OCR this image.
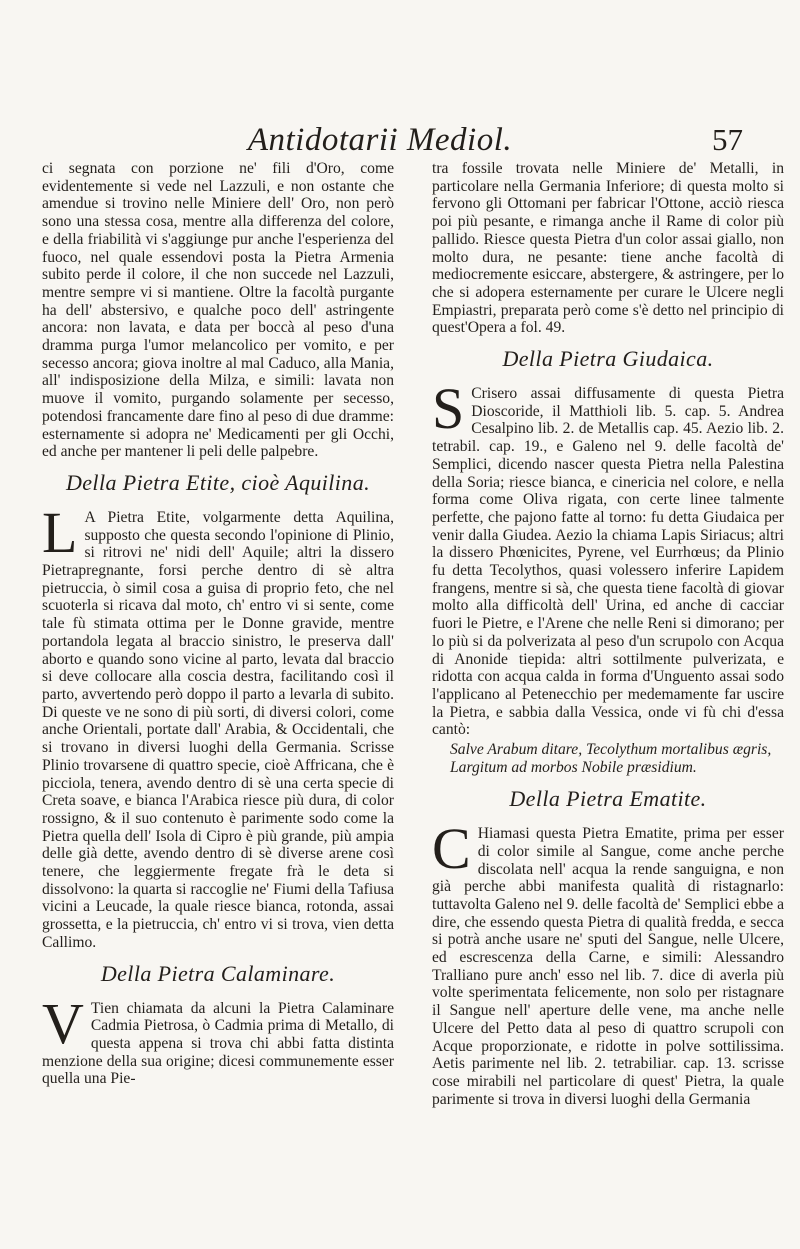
Antidotarii Mediol.	57

ci segnata con porzione ne' fili d'Oro, come evidentemente si vede nel Lazzuli, e non ostante che amendue si trovino nelle Miniere dell' Oro, non però sono una stessa cosa, mentre alla differenza del colore, e della friabilità vi s'aggiunge pur anche l'esperienza del fuoco, nel quale essendovi posta la Pietra Armenia subito perde il colore, il che non succede nel Lazzuli, mentre sempre vi si mantiene. Oltre la facoltà purgante ha dell' abstersivo, e qualche poco dell' astringente ancora: non lavata, e data per boccà al peso d'una dramma purga l'umor melancolico per vomito, e per secesso ancora; giova inoltre al mal Caduco, alla Mania, all' indisposizione della Milza, e simili: lavata non muove il vomito, purgando solamente per secesso, potendosi francamente dare fino al peso di due dramme: esternamente si adopra ne' Medicamenti per gli Occhi, ed anche per mantener li peli delle palpebre.

Della Pietra Etite, cioè Aquilina.

L A Pietra Etite, volgarmente detta Aquilina, supposto che questa secondo l'opinione di Plinio, si ritrovi ne' nidi dell' Aquile; altri la dissero Pietrapregnante, forsi perche dentro di sè altra pietruccia, ò simil cosa a guisa di proprio feto, che nel scuoterla si ricava dal moto, ch' entro vi si sente, come tale fù stimata ottima per le Donne gravide, mentre portandola legata al braccio sinistro, le preserva dall' aborto e quando sono vicine al parto, levata dal braccio si deve collocare alla coscia destra, facilitando così il parto, avvertendo però doppo il parto a levarla di subito. Di queste ve ne sono di più sorti, di diversi colori, come anche Orientali, portate dall' Arabia, & Occidentali, che si trovano in diversi luoghi della Germania. Scrisse Plinio trovarsene di quattro specie, cioè Affricana, che è picciola, tenera, avendo dentro di sè una certa specie di Creta soave, e bianca l'Arabica riesce più dura, di color rossigno, & il suo contenuto è parimente sodo come la Pietra quella dell' Isola di Cipro è più grande, più ampia delle già dette, avendo dentro di sè diverse arene così tenere, che leggiermente fregate frà le deta si dissolvono: la quarta si raccoglie ne' Fiumi della Tafiusa vicini a Leucade, la quale riesce bianca, rotonda, assai grossetta, e la pietruccia, ch' entro vi si trova, vien detta Callimo.

Della Pietra Calaminare.

V Tien chiamata da alcuni la Pietra Calaminare Cadmia Pietrosa, ò Cadmia prima di Metallo, di questa appena si trova chi abbi fatta distinta menzione della sua origine; dicesi communemente esser quella una Pie-

tra fossile trovata nelle Miniere de' Metalli, in particolare nella Germania Inferiore; di questa molto si fervono gli Ottomani per fabricar l'Ottone, acciò riesca poi più pesante, e rimanga anche il Rame di color più pallido. Riesce questa Pietra d'un color assai giallo, non molto dura, ne pesante: tiene anche facoltà di mediocremente esiccare, abstergere, & astringere, per lo che si adopera esternamente per curare le Ulcere negli Empiastri, preparata però come s'è detto nel principio di quest'Opera a fol. 49.

Della Pietra Giudaica.

S Crisero assai diffusamente di questa Pietra Dioscoride, il Matthioli lib. 5. cap. 5. Andrea Cesalpino lib. 2. de Metallis cap. 45. Aezio lib. 2. tetrabil. cap. 19., e Galeno nel 9. delle facoltà de' Semplici, dicendo nascer questa Pietra nella Palestina della Soria; riesce bianca, e cinericia nel colore, e nella forma come Oliva rigata, con certe linee talmente perfette, che pajono fatte al torno: fu detta Giudaica per venir dalla Giudea. Aezio la chiama Lapis Siriacus; altri la dissero Phœnicites, Pyrene, vel Eurrhœus; da Plinio fu detta Tecolythos, quasi volessero inferire Lapidem frangens, mentre si sà, che questa tiene facoltà di giovar molto alla difficoltà dell' Urina, ed anche di cacciar fuori le Pietre, e l'Arene che nelle Reni si dimorano; per lo più si da polverizata al peso d'un scrupolo con Acqua di Anonide tiepida: altri sottilmente pulverizata, e ridotta con acqua calda in forma d'Unguento assai sodo l'applicano al Petenecchio per medemamente far uscire la Pietra, e sabbia dalla Vessica, onde vi fù chi d'essa cantò:

Salve Arabum ditare, Tecolythum mortalibus ægris,
Largitum ad morbos Nobile præsidium.
Della Pietra Ematite.

C Hiamasi questa Pietra Ematite, prima per esser di color simile al Sangue, come anche perche discolata nell' acqua la rende sanguigna, e non già perche abbi manifesta qualità di ristagnarlo: tuttavolta Galeno nel 9. delle facoltà de' Semplici ebbe a dire, che essendo questa Pietra di qualità fredda, e secca si potrà anche usare ne' sputi del Sangue, nelle Ulcere, ed escrescenza della Carne, e simili: Alessandro Tralliano pure anch' esso nel lib. 7. dice di averla più volte sperimentata felicemente, non solo per ristagnare il Sangue nell' aperture delle vene, ma anche nelle Ulcere del Petto data al peso di quattro scrupoli con Acque proporzionate, e ridotte in polve sottilissima. Aetis parimente nel lib. 2. tetrabiliar. cap. 13. scrisse cose mirabili nel particolare di quest' Pietra, la quale parimente si trova in diversi luoghi della Germania
